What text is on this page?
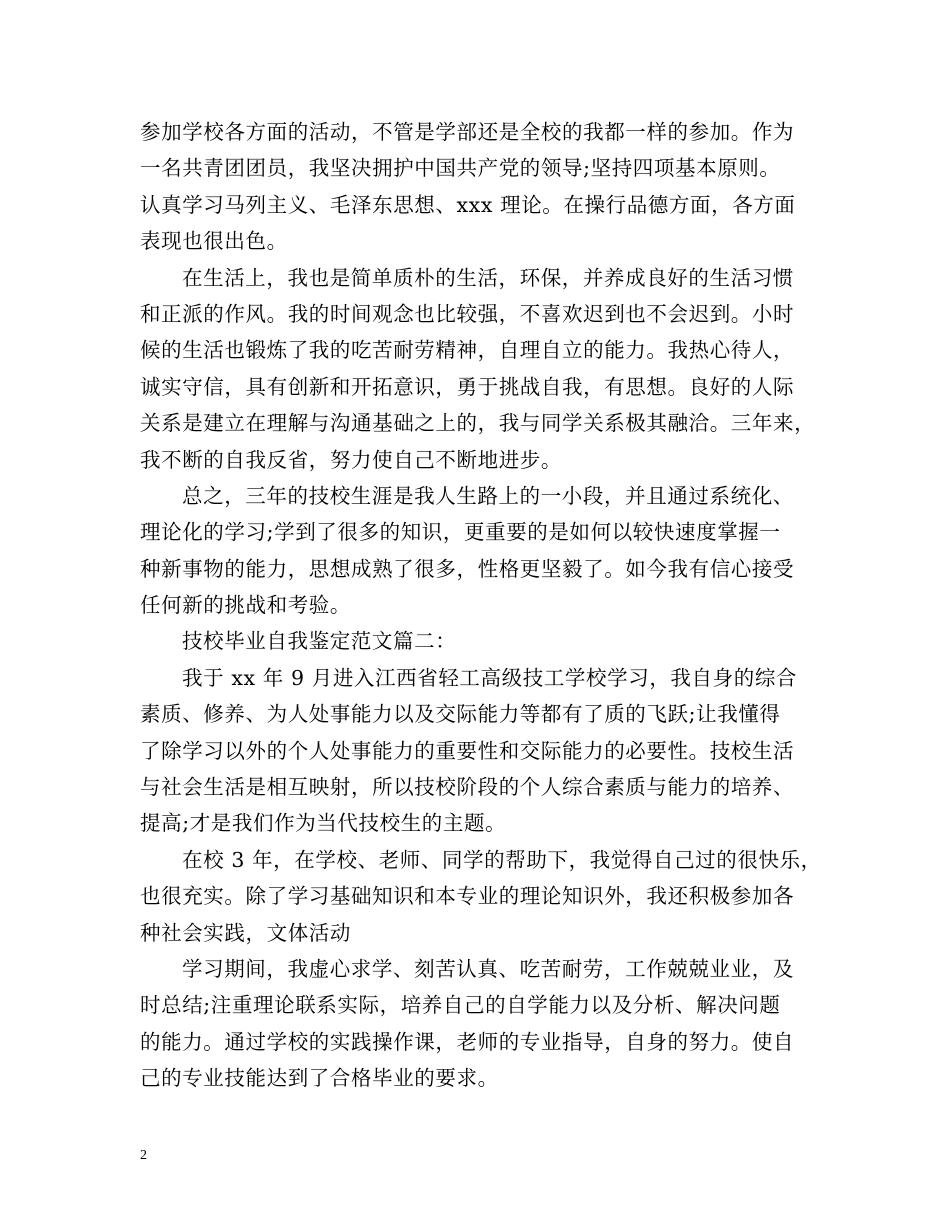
参加学校各方面的活动，不管是学部还是全校的我都一样的参加。作为
一名共青团团员，我坚决拥护中国共产党的领导;坚持四项基本原则。
认真学习马列主义、毛泽东思想、xxx 理论。在操行品德方面，各方面
表现也很出色。

在生活上，我也是简单质朴的生活，环保，并养成良好的生活习惯
和正派的作风。我的时间观念也比较强，不喜欢迟到也不会迟到。小时
候的生活也锻炼了我的吃苦耐劳精神，自理自立的能力。我热心待人，
诚实守信，具有创新和开拓意识，勇于挑战自我，有思想。良好的人际
关系是建立在理解与沟通基础之上的，我与同学关系极其融洽。三年来，
我不断的自我反省，努力使自己不断地进步。

总之，三年的技校生涯是我人生路上的一小段，并且通过系统化、
理论化的学习;学到了很多的知识，更重要的是如何以较快速度掌握一
种新事物的能力，思想成熟了很多，性格更坚毅了。如今我有信心接受
任何新的挑战和考验。

技校毕业自我鉴定范文篇二：

我于 xx 年 9 月进入江西省轻工高级技工学校学习，我自身的综合
素质、修养、为人处事能力以及交际能力等都有了质的飞跃;让我懂得
了除学习以外的个人处事能力的重要性和交际能力的必要性。技校生活
与社会生活是相互映射，所以技校阶段的个人综合素质与能力的培养、
提高;才是我们作为当代技校生的主题。

在校 3 年，在学校、老师、同学的帮助下，我觉得自己过的很快乐，
也很充实。除了学习基础知识和本专业的理论知识外，我还积极参加各
种社会实践，文体活动

学习期间，我虚心求学、刻苦认真、吃苦耐劳，工作兢兢业业，及
时总结;注重理论联系实际，培养自己的自学能力以及分析、解决问题
的能力。通过学校的实践操作课，老师的专业指导，自身的努力。使自
己的专业技能达到了合格毕业的要求。

2
